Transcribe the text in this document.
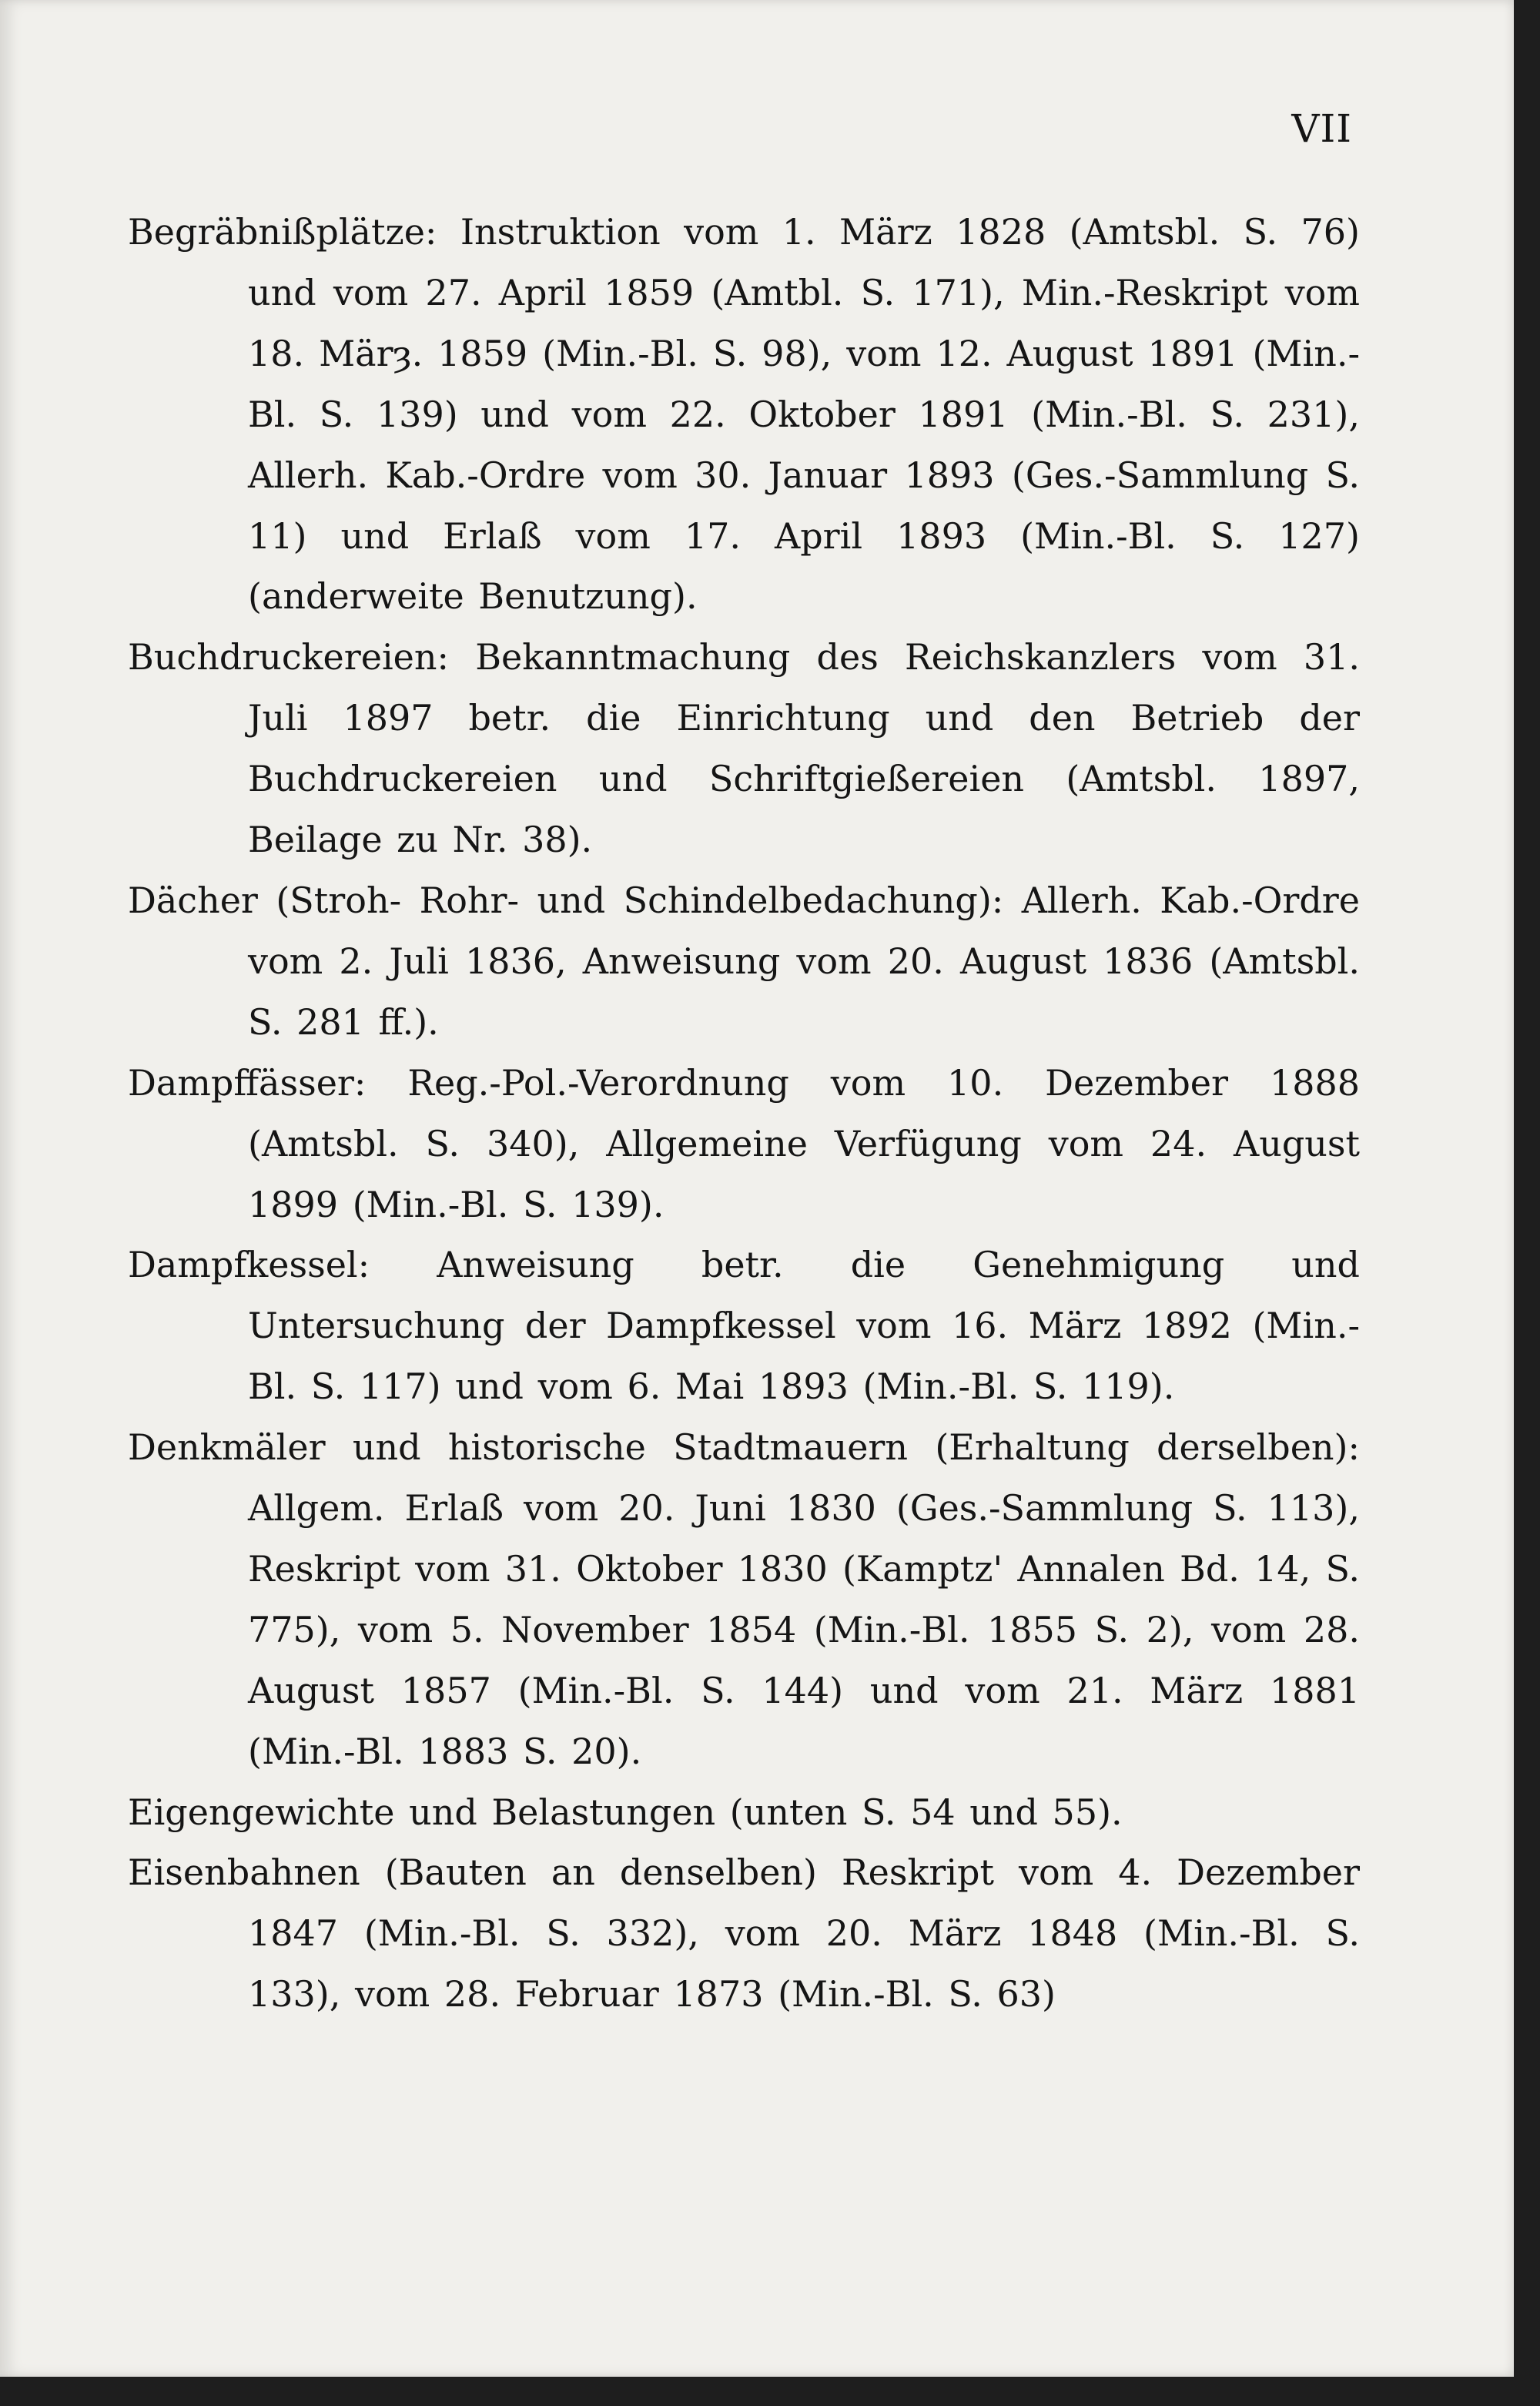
VII

Begräbnißplätze: Instruktion vom 1. März 1828 (Amtsbl. S. 76) und vom 27. April 1859 (Amtbl. S. 171), Min.-Reskript vom 18. Märȝ. 1859 (Min.-Bl. S. 98), vom 12. August 1891 (Min.-Bl. S. 139) und vom 22. Oktober 1891 (Min.-Bl. S. 231), Allerh. Kab.-Ordre vom 30. Januar 1893 (Ges.-Sammlung S. 11) und Erlaß vom 17. April 1893 (Min.-Bl. S. 127) (anderweite Benutzung).

Buchdruckereien: Bekanntmachung des Reichskanzlers vom 31. Juli 1897 betr. die Einrichtung und den Betrieb der Buchdruckereien und Schriftgießereien (Amtsbl. 1897, Beilage zu Nr. 38).

Dächer (Stroh- Rohr- und Schindelbedachung): Allerh. Kab.-Ordre vom 2. Juli 1836, Anweisung vom 20. August 1836 (Amtsbl. S. 281 ff.).

Dampffässer: Reg.-Pol.-Verordnung vom 10. Dezember 1888 (Amtsbl. S. 340), Allgemeine Verfügung vom 24. August 1899 (Min.-Bl. S. 139).

Dampfkessel: Anweisung betr. die Genehmigung und Untersuchung der Dampfkessel vom 16. März 1892 (Min.-Bl. S. 117) und vom 6. Mai 1893 (Min.-Bl. S. 119).

Denkmäler und historische Stadtmauern (Erhaltung derselben): Allgem. Erlaß vom 20. Juni 1830 (Ges.-Sammlung S. 113), Reskript vom 31. Oktober 1830 (Kamptz' Annalen Bd. 14, S. 775), vom 5. November 1854 (Min.-Bl. 1855 S. 2), vom 28. August 1857 (Min.-Bl. S. 144) und vom 21. März 1881 (Min.-Bl. 1883 S. 20).

Eigengewichte und Belastungen (unten S. 54 und 55).

Eisenbahnen (Bauten an denselben) Reskript vom 4. Dezember 1847 (Min.-Bl. S. 332), vom 20. März 1848 (Min.-Bl. S. 133), vom 28. Februar 1873 (Min.-Bl. S. 63)
